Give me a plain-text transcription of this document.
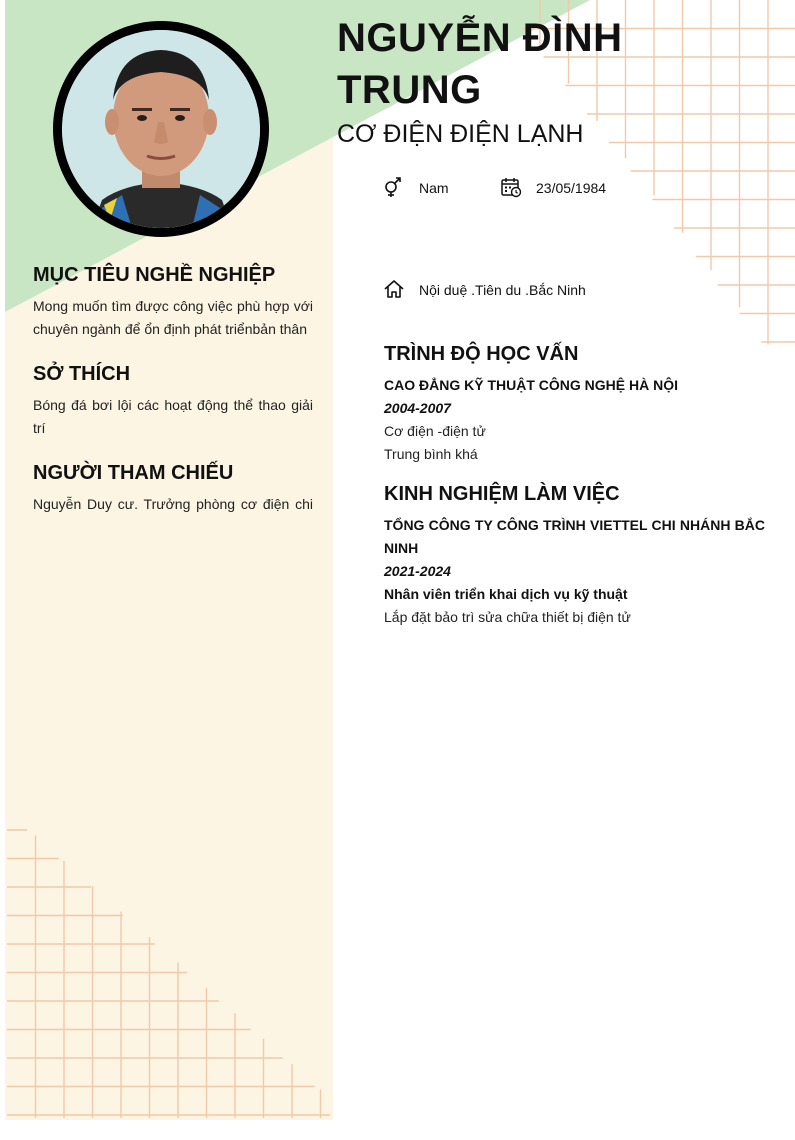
NGUYỄN ĐÌNH TRUNG
CƠ ĐIỆN ĐIỆN LẠNH
Nam	23/05/1984
Nội duệ .Tiên du .Bắc Ninh
MỤC TIÊU NGHỀ NGHIỆP
Mong muốn tìm được công việc phù hợp với chuyên ngành để ổn định phát triểnbản thân
SỞ THÍCH
Bóng đá bơi lội các hoạt động thể thao giải trí
NGƯỜI THAM CHIẾU
Nguyễn Duy cư. Trưởng phòng cơ điện chi
TRÌNH ĐỘ HỌC VẤN
CAO ĐẲNG KỸ THUẬT CÔNG NGHỆ HÀ NỘI
2004-2007
Cơ điện -điện tử
Trung bình khá
KINH NGHIỆM LÀM VIỆC
TỔNG CÔNG TY CÔNG TRÌNH VIETTEL CHI NHÁNH BẮC NINH
2021-2024
Nhân viên triển khai dịch vụ kỹ thuật
Lắp đặt bảo trì sửa chữa thiết bị điện tử
